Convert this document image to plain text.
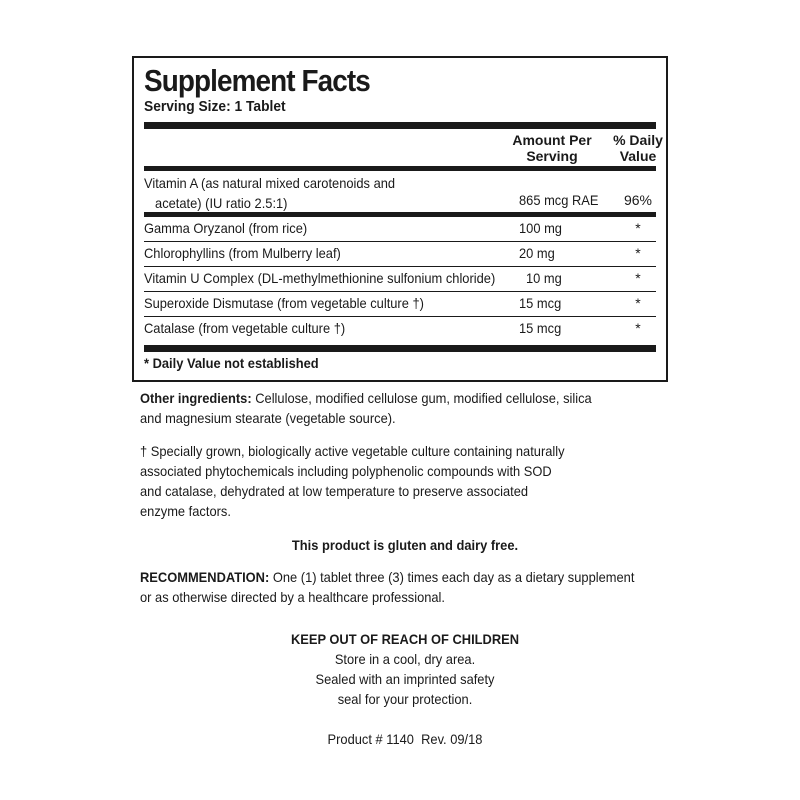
Supplement Facts
Serving Size: 1 Tablet
Amount Per
Serving
% Daily
Value
Vitamin A (as natural mixed carotenoids and
acetate) (IU ratio 2.5:1)	865 mcg RAE	96%
Gamma Oryzanol (from rice)	100 mg	*
Chlorophyllins (from Mulberry leaf)	20 mg	*
Vitamin U Complex (DL-methylmethionine sulfonium chloride) 10 mg	*
Superoxide Dismutase (from vegetable culture †)	15 mcg	*
Catalase (from vegetable culture †)	15 mcg	*
* Daily Value not established
Other ingredients: Cellulose, modified cellulose gum, modified cellulose, silica
and magnesium stearate (vegetable source).
† Specially grown, biologically active vegetable culture containing naturally
associated phytochemicals including polyphenolic compounds with SOD
and catalase, dehydrated at low temperature to preserve associated
enzyme factors.
This product is gluten and dairy free.
RECOMMENDATION: One (1) tablet three (3) times each day as a dietary supplement
or as otherwise directed by a healthcare professional.
KEEP OUT OF REACH OF CHILDREN
Store in a cool, dry area.
Sealed with an imprinted safety
seal for your protection.
Product # 1140  Rev. 09/18
